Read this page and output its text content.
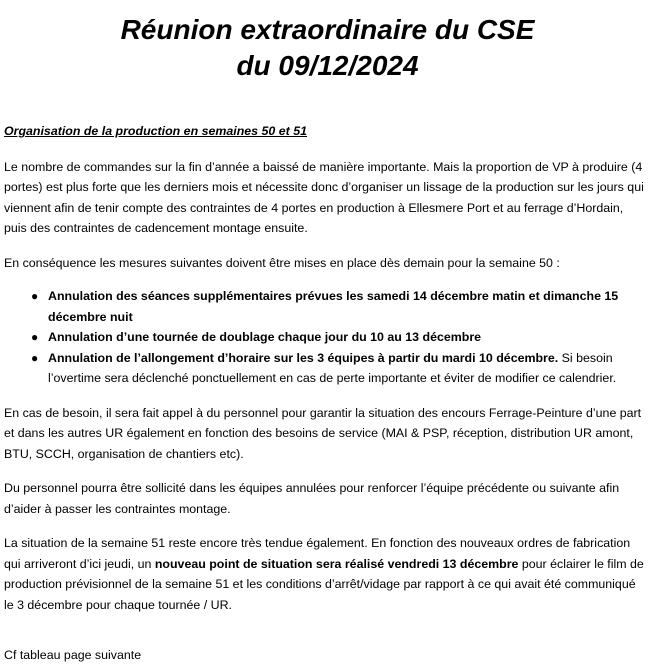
Réunion extraordinaire du CSE
du 09/12/2024

Organisation de la production en semaines 50 et 51

Le nombre de commandes sur la fin d’année a baissé de manière importante. Mais la proportion de VP à produire (4 portes) est plus forte que les derniers mois et nécessite donc d’organiser un lissage de la production sur les jours qui viennent afin de tenir compte des contraintes de 4 portes en production à Ellesmere Port et au ferrage d’Hordain, puis des contraintes de cadencement montage ensuite.

En conséquence les mesures suivantes doivent être mises en place dès demain pour la semaine 50 :

● Annulation des séances supplémentaires prévues les samedi 14 décembre matin et dimanche 15 décembre nuit
● Annulation d’une tournée de doublage chaque jour du 10 au 13 décembre
● Annulation de l’allongement d’horaire sur les 3 équipes à partir du mardi 10 décembre. Si besoin l’overtime sera déclenché ponctuellement en cas de perte importante et éviter de modifier ce calendrier.

En cas de besoin, il sera fait appel à du personnel pour garantir la situation des encours Ferrage-Peinture d’une part et dans les autres UR également en fonction des besoins de service (MAI & PSP, réception, distribution UR amont, BTU, SCCH, organisation de chantiers etc).

Du personnel pourra être sollicité dans les équipes annulées pour renforcer l’équipe précédente ou suivante afin d’aider à passer les contraintes montage.

La situation de la semaine 51 reste encore très tendue également. En fonction des nouveaux ordres de fabrication qui arriveront d’ici jeudi, un nouveau point de situation sera réalisé vendredi 13 décembre pour éclairer le film de production prévisionnel de la semaine 51 et les conditions d’arrêt/vidage par rapport à ce qui avait été communiqué le 3 décembre pour chaque tournée / UR.

Cf tableau page suivante
